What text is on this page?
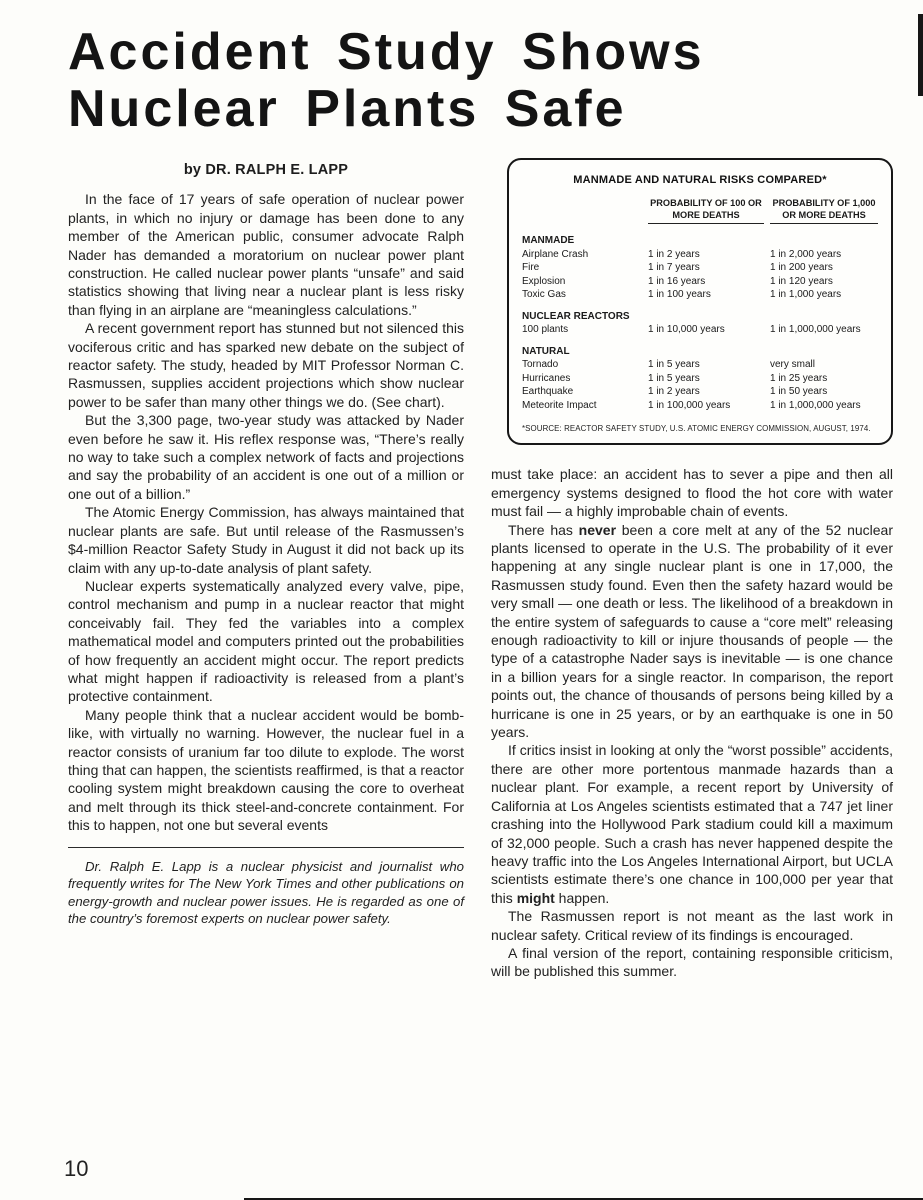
Accident Study Shows
Nuclear Plants Safe
by DR. RALPH E. LAPP

In the face of 17 years of safe operation of nuclear power plants, in which no injury or damage has been done to any member of the American public, consumer advocate Ralph Nader has demanded a moratorium on nuclear power plant construction. He called nuclear power plants “unsafe” and said statistics showing that living near a nuclear plant is less risky than flying in an airplane are “meaningless calculations.”

A recent government report has stunned but not silenced this vociferous critic and has sparked new debate on the subject of reactor safety. The study, headed by MIT Professor Norman C. Rasmussen, supplies accident projections which show nuclear power to be safer than many other things we do. (See chart).

But the 3,300 page, two-year study was attacked by Nader even before he saw it. His reflex response was, “There’s really no way to take such a complex network of facts and projections and say the probability of an accident is one out of a million or one out of a billion.”

The Atomic Energy Commission, has always maintained that nuclear plants are safe. But until release of the Rasmussen’s $4-million Reactor Safety Study in August it did not back up its claim with any up-to-date analysis of plant safety.

Nuclear experts systematically analyzed every valve, pipe, control mechanism and pump in a nuclear reactor that might conceivably fail. They fed the variables into a complex mathematical model and computers printed out the probabilities of how frequently an accident might occur. The report predicts what might happen if radioactivity is released from a plant’s protective containment.

Many people think that a nuclear accident would be bomb-like, with virtually no warning. However, the nuclear fuel in a reactor consists of uranium far too dilute to explode. The worst thing that can happen, the scientists reaffirmed, is that a reactor cooling system might breakdown causing the core to overheat and melt through its thick steel-and-concrete containment. For this to happen, not one but several events

Dr. Ralph E. Lapp is a nuclear physicist and journalist who frequently writes for The New York Times and other publications on energy-growth and nuclear power issues. He is regarded as one of the country’s foremost experts on nuclear power safety.

MANMADE AND NATURAL RISKS COMPARED*
PROBABILITY OF 100 OR MORE DEATHS
PROBABILITY OF 1,000 OR MORE DEATHS
MANMADE
Airplane Crash	1 in 2 years	1 in 2,000 years
Fire	1 in 7 years	1 in 200 years
Explosion	1 in 16 years	1 in 120 years
Toxic Gas	1 in 100 years	1 in 1,000 years
NUCLEAR REACTORS
100 plants	1 in 10,000 years	1 in 1,000,000 years
NATURAL
Tornado	1 in 5 years	very small
Hurricanes	1 in 5 years	1 in 25 years
Earthquake	1 in 2 years	1 in 50 years
Meteorite Impact	1 in 100,000 years	1 in 1,000,000 years
*SOURCE: REACTOR SAFETY STUDY, U.S. ATOMIC ENERGY COMMISSION, AUGUST, 1974.

must take place: an accident has to sever a pipe and then all emergency systems designed to flood the hot core with water must fail — a highly improbable chain of events.

There has never been a core melt at any of the 52 nuclear plants licensed to operate in the U.S. The probability of it ever happening at any single nuclear plant is one in 17,000, the Rasmussen study found. Even then the safety hazard would be very small — one death or less. The likelihood of a breakdown in the entire system of safeguards to cause a “core melt” releasing enough radioactivity to kill or injure thousands of people — the type of a catastrophe Nader says is inevitable — is one chance in a billion years for a single reactor. In comparison, the report points out, the chance of thousands of persons being killed by a hurricane is one in 25 years, or by an earthquake is one in 50 years.

If critics insist in looking at only the “worst possible” accidents, there are other more portentous manmade hazards than a nuclear plant. For example, a recent report by University of California at Los Angeles scientists estimated that a 747 jet liner crashing into the Hollywood Park stadium could kill a maximum of 32,000 people. Such a crash has never happened despite the heavy traffic into the Los Angeles International Airport, but UCLA scientists estimate there’s one chance in 100,000 per year that this might happen.

The Rasmussen report is not meant as the last work in nuclear safety. Critical review of its findings is encouraged.

A final version of the report, containing responsible criticism, will be published this summer.

10
